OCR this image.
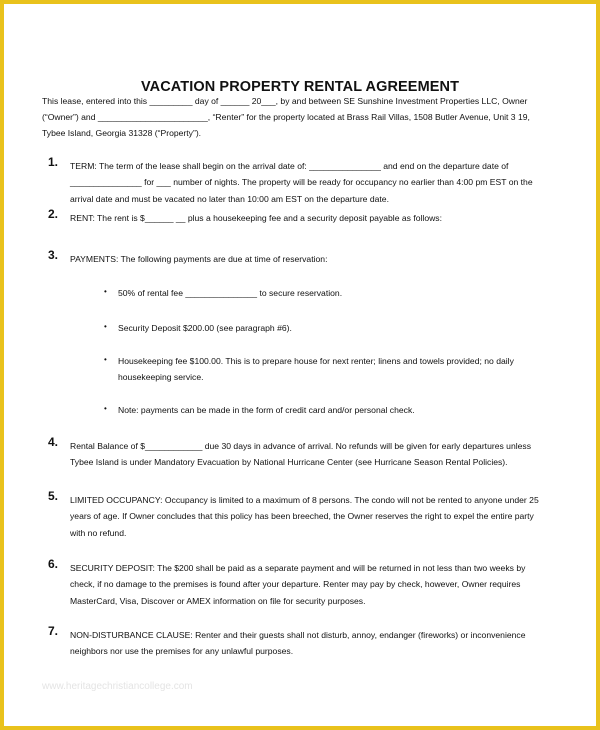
VACATION PROPERTY RENTAL AGREEMENT
This lease, entered into this _________ day of ______ 20___, by and between SE Sunshine Investment Properties LLC, Owner
(“Owner”) and _______________________, “Renter” for the property located at Brass Rail Villas, 1508 Butler Avenue, Unit 3 19,
Tybee Island, Georgia 31328 (“Property”).
1. TERM: The term of the lease shall begin on the arrival date of: _______________ and end on the departure date of
_______________ for ___ number of nights. The property will be ready for occupancy no earlier than 4:00 pm EST on the
arrival date and must be vacated no later than 10:00 am EST on the departure date.
2. RENT: The rent is $______ __ plus a housekeeping fee and a security deposit payable as follows:
3. PAYMENTS: The following payments are due at time of reservation:
• 50% of rental fee _______________ to secure reservation.
• Security Deposit $200.00 (see paragraph #6).
• Housekeeping fee $100.00. This is to prepare house for next renter; linens and towels provided; no daily
housekeeping service.
• Note: payments can be made in the form of credit card and/or personal check.
4. Rental Balance of $____________ due 30 days in advance of arrival. No refunds will be given for early departures unless
Tybee Island is under Mandatory Evacuation by National Hurricane Center (see Hurricane Season Rental Policies).
5. LIMITED OCCUPANCY: Occupancy is limited to a maximum of 8 persons. The condo will not be rented to anyone under 25
years of age. If Owner concludes that this policy has been breeched, the Owner reserves the right to expel the entire party
with no refund.
6. SECURITY DEPOSIT: The $200 shall be paid as a separate payment and will be returned in not less than two weeks by
check, if no damage to the premises is found after your departure. Renter may pay by check, however, Owner requires
MasterCard, Visa, Discover or AMEX information on file for security purposes.
7. NON-DISTURBANCE CLAUSE: Renter and their guests shall not disturb, annoy, endanger (fireworks) or inconvenience
neighbors nor use the premises for any unlawful purposes.
www.heritagechristiancollege.com
